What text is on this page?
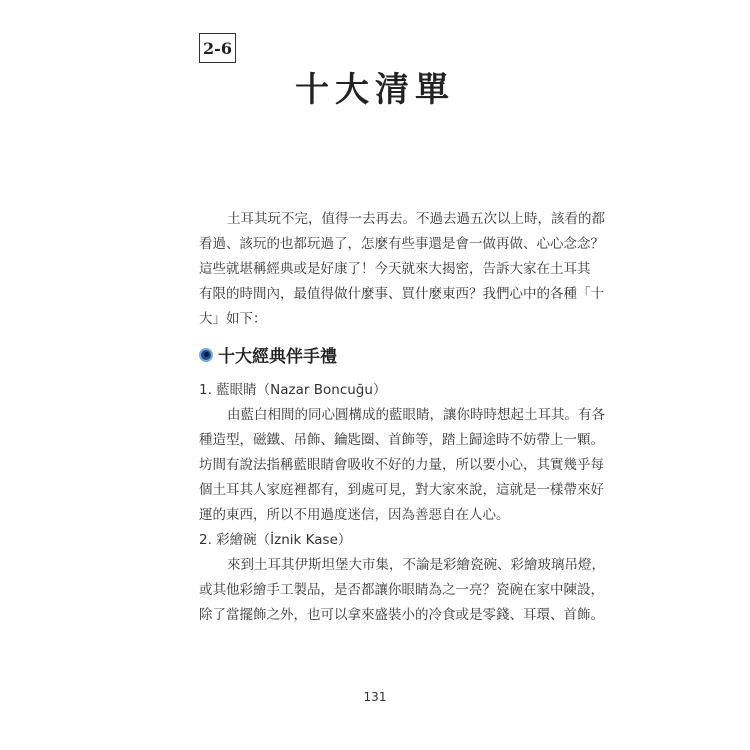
2-6
十大清單
土耳其玩不完，值得一去再去。不過去過五次以上時，該看的都
看過、該玩的也都玩過了，怎麼有些事還是會一做再做、心心念念？
這些就堪稱經典或是好康了！今天就來大揭密，告訴大家在土耳其
有限的時間內，最值得做什麼事、買什麼東西？我們心中的各種「十
大」如下：
十大經典伴手禮
1. 藍眼睛（Nazar Boncuğu）
由藍白相間的同心圓構成的藍眼睛，讓你時時想起土耳其。有各
種造型，磁鐵、吊飾、鑰匙圈、首飾等，踏上歸途時不妨帶上一顆。
坊間有說法指稱藍眼睛會吸收不好的力量，所以要小心，其實幾乎每
個土耳其人家庭裡都有，到處可見，對大家來說，這就是一樣帶來好
運的東西，所以不用過度迷信，因為善惡自在人心。
2. 彩繪碗（İznik Kase）
來到土耳其伊斯坦堡大市集，不論是彩繪瓷碗、彩繪玻璃吊燈，
或其他彩繪手工製品，是否都讓你眼睛為之一亮？瓷碗在家中陳設，
除了當擺飾之外，也可以拿來盛裝小的冷食或是零錢、耳環、首飾。
131
